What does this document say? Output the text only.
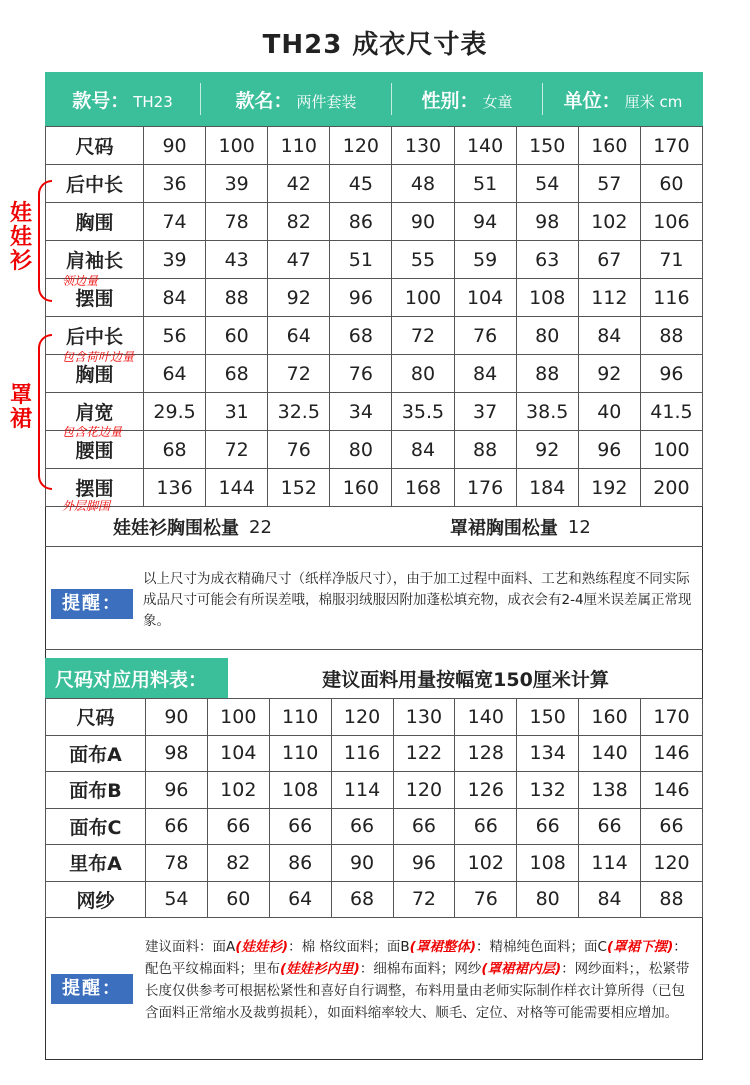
TH23 成衣尺寸表
款号： TH23	款名： 两件套装	性别： 女童	单位： 厘米 cm
尺码	90	100	110	120	130	140	150	160	170
后中长	36	39	42	45	48	51	54	57	60
胸围	74	78	82	86	90	94	98	102	106
肩袖长	39	43	47	51	55	59	63	67	71
摆围	84	88	92	96	100	104	108	112	116
后中长	56	60	64	68	72	76	80	84	88
胸围	64	68	72	76	80	84	88	92	96
肩宽	29.5	31	32.5	34	35.5	37	38.5	40	41.5
腰围	68	72	76	80	84	88	92	96	100
摆围	136	144	152	160	168	176	184	192	200
娃娃衫
罩裙
领边量
包含荷叶边量
包含花边量
外层脚围
娃娃衫胸围松量 22	罩裙胸围松量 12
提醒：
以上尺寸为成衣精确尺寸（纸样净版尺寸），由于加工过程中面料、工艺和熟练程度不同实际成品尺寸可能会有所误差哦，棉服羽绒服因附加蓬松填充物，成衣会有2-4厘米误差属正常现象。
尺码对应用料表：	建议面料用量按幅宽150厘米计算
尺码	90	100	110	120	130	140	150	160	170
面布A	98	104	110	116	122	128	134	140	146
面布B	96	102	108	114	120	126	132	138	146
面布C	66	66	66	66	66	66	66	66	66
里布A	78	82	86	90	96	102	108	114	120
网纱	54	60	64	68	72	76	80	84	88
提醒：
建议面料：面A(娃娃衫)：棉 格纹面料；面B(罩裙整体)：精棉纯色面料；面C(罩裙下摆)：配色平纹棉面料；里布(娃娃衫内里)：细棉布面料；网纱(罩裙裙内层)：网纱面料；，松紧带长度仅供参考可根据松紧性和喜好自行调整，布料用量由老师实际制作样衣计算所得（已包含面料正常缩水及裁剪损耗），如面料缩率较大、顺毛、定位、对格等可能需要相应增加。
